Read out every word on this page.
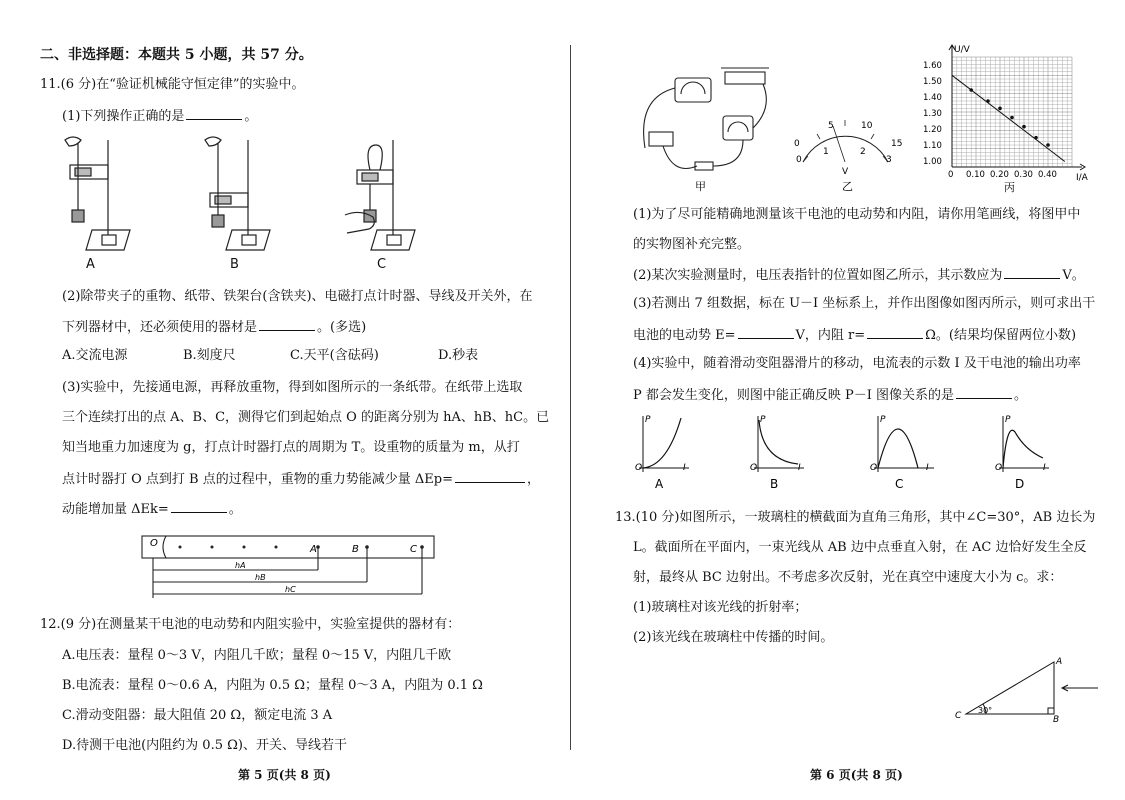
二、非选择题：本题共 5 小题，共 57 分。
11.(6 分)在“验证机械能守恒定律”的实验中。
(1)下列操作正确的是	。
A	B	C
(2)除带夹子的重物、纸带、铁架台(含铁夹)、电磁打点计时器、导线及开关外，在
下列器材中，还必须使用的器材是	。(多选)
A.交流电源	B.刻度尺	C.天平(含砝码)	D.秒表
(3)实验中，先接通电源，再释放重物，得到如图所示的一条纸带。在纸带上选取
三个连续打出的点 A、B、C，测得它们到起始点 O 的距离分别为 hA、hB、hC。已
知当地重力加速度为 g，打点计时器打点的周期为 T。设重物的质量为 m，从打
点计时器打 O 点到打 B 点的过程中，重物的重力势能减少量 ΔEp=	，
动能增加量 ΔEk=	。
O
A	B	C
hA
hB
hC
12.(9 分)在测量某干电池的电动势和内阻实验中，实验室提供的器材有：
A.电压表：量程 0～3 V，内阻几千欧；量程 0～15 V，内阻几千欧
B.电流表：量程 0～0.6 A，内阻为 0.5 Ω；量程 0～3 A，内阻为 0.1 Ω
C.滑动变阻器：最大阻值 20 Ω，额定电流 3 A
D.待测干电池(内阻约为 0.5 Ω)、开关、导线若干
第 5 页(共 8 页)
甲
5	10
0	15
0
1	2
3
V
乙
U/V
I/A
1.60
1.50
1.40
1.30
1.20
1.10
1.00
0 0.10 0.20 0.30 0.40
丙
(1)为了尽可能精确地测量该干电池的电动势和内阻，请你用笔画线，将图甲中
的实物图补充完整。
(2)某次实验测量时，电压表指针的位置如图乙所示，其示数应为	V。
(3)若测出 7 组数据，标在 U－I 坐标系上，并作出图像如图丙所示，则可求出干
电池的电动势 E=	V，内阻 r=	Ω。(结果均保留两位小数)
(4)实验中，随着滑动变阻器滑片的移动，电流表的示数 I 及干电池的输出功率
P 都会发生变化，则图中能正确反映 P－I 图像关系的是	。
O
P
I
A
P
I
O
B
P
I
O
C
P
I
O
D
13.(10 分)如图所示，一玻璃柱的横截面为直角三角形，其中∠C=30°，AB 边长为
L。截面所在平面内，一束光线从 AB 边中点垂直入射，在 AC 边恰好发生全反
射，最终从 BC 边射出。不考虑多次反射，光在真空中速度大小为 c。求：
(1)玻璃柱对该光线的折射率；
(2)该光线在玻璃柱中传播的时间。
C
A
B
30°
第 6 页(共 8 页)
